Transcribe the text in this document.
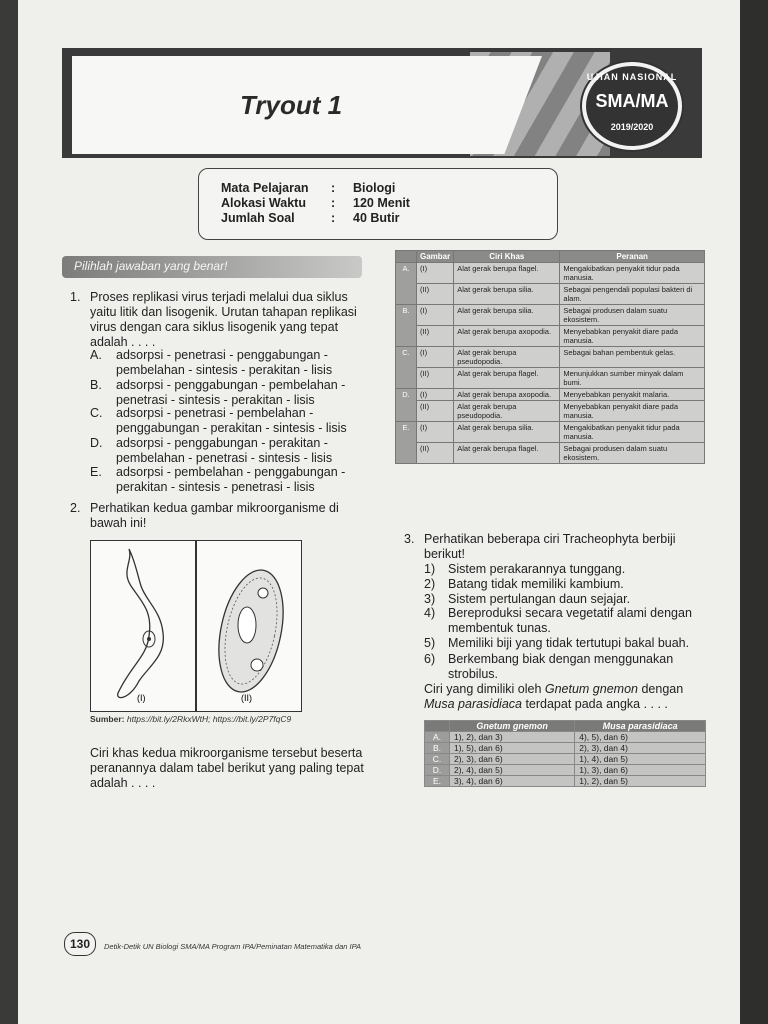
Tryout 1
UJIAN NASIONAL
SMA/MA
2019/2020
Mata Pelajaran : Biologi
Alokasi Waktu : 120 Menit
Jumlah Soal	: 40 Butir
Pilihlah jawaban yang benar!
1. Proses replikasi virus terjadi melalui dua siklus yaitu litik dan lisogenik. Urutan tahapan replikasi virus dengan cara siklus lisogenik yang tepat adalah . . . .
A. adsorpsi - penetrasi - penggabungan - pembelahan - sintesis - perakitan - lisis
B. adsorpsi - penggabungan - pembelahan - penetrasi - sintesis - perakitan - lisis
C. adsorpsi - penetrasi - pembelahan - penggabungan - perakitan - sintesis - lisis
D. adsorpsi - penggabungan - perakitan - pembelahan - penetrasi - sintesis - lisis
E. adsorpsi - pembelahan - penggabungan - perakitan - sintesis - penetrasi - lisis
2. Perhatikan kedua gambar mikroorganisme di bawah ini!
(I)	(II)
Sumber: https://bit.ly/2RkxWtH; https://bit.ly/2P7fqC9
Ciri khas kedua mikroorganisme tersebut beserta peranannya dalam tabel berikut yang paling tepat adalah . . . .
	Gambar	Ciri Khas	Peranan
A.	(I)	Alat gerak berupa flagel.	Mengakibatkan penyakit tidur pada manusia.
	(II)	Alat gerak berupa silia.	Sebagai pengendali populasi bakteri di alam.
B.	(I)	Alat gerak berupa silia.	Sebagai produsen dalam suatu ekosistem.
	(II)	Alat gerak berupa axopodia.	Menyebabkan penyakit diare pada manusia.
C.	(I)	Alat gerak berupa pseudopodia.	Sebagai bahan pembentuk gelas.
	(II)	Alat gerak berupa flagel.	Menunjukkan sumber minyak dalam bumi.
D.	(I)	Alat gerak berupa axopodia.	Menyebabkan penyakit malaria.
	(II)	Alat gerak berupa pseudopodia.	Menyebabkan penyakit diare pada manusia.
E.	(I)	Alat gerak berupa silia.	Mengakibatkan penyakit tidur pada manusia.
	(II)	Alat gerak berupa flagel.	Sebagai produsen dalam suatu ekosistem.
3. Perhatikan beberapa ciri Tracheophyta berbiji berikut!
1) Sistem perakarannya tunggang.
2) Batang tidak memiliki kambium.
3) Sistem pertulangan daun sejajar.
4) Bereproduksi secara vegetatif alami dengan membentuk tunas.
5) Memiliki biji yang tidak tertutupi bakal buah.
6) Berkembang biak dengan menggunakan strobilus.
Ciri yang dimiliki oleh Gnetum gnemon dengan Musa parasidiaca terdapat pada angka . . . .
	Gnetum gnemon	Musa parasidiaca
A.	1), 2), dan 3)	4), 5), dan 6)
B.	1), 5), dan 6)	2), 3), dan 4)
C.	2), 3), dan 6)	1), 4), dan 5)
D.	2), 4), dan 5)	1), 3), dan 6)
E.	3), 4), dan 6)	1), 2), dan 5)
130	Detik-Detik UN Biologi SMA/MA Program IPA/Peminatan Matematika dan IPA
